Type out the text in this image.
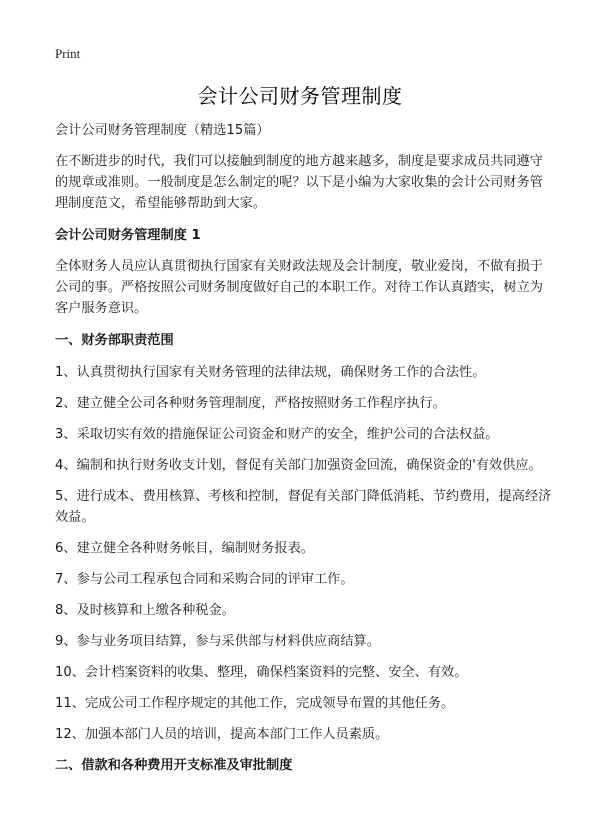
Print
会计公司财务管理制度

会计公司财务管理制度（精选15篇）

在不断进步的时代，我们可以接触到制度的地方越来越多，制度是要求成员共同遵守的规章或准则。一般制度是怎么制定的呢？以下是小编为大家收集的会计公司财务管理制度范文，希望能够帮助到大家。

会计公司财务管理制度 1

全体财务人员应认真贯彻执行国家有关财政法规及会计制度，敬业爱岗，不做有损于公司的事。严格按照公司财务制度做好自己的本职工作。对待工作认真踏实，树立为客户服务意识。

一、财务部职责范围

1、认真贯彻执行国家有关财务管理的法律法规，确保财务工作的合法性。

2、建立健全公司各种财务管理制度，严格按照财务工作程序执行。

3、采取切实有效的措施保证公司资金和财产的安全，维护公司的合法权益。

4、编制和执行财务收支计划，督促有关部门加强资金回流，确保资金的'有效供应。

5、进行成本、费用核算、考核和控制，督促有关部门降低消耗、节约费用，提高经济效益。

6、建立健全各种财务帐目，编制财务报表。

7、参与公司工程承包合同和采购合同的评审工作。

8、及时核算和上缴各种税金。

9、参与业务项目结算，参与采供部与材料供应商结算。

10、会计档案资料的收集、整理，确保档案资料的完整、安全、有效。

11、完成公司工作程序规定的其他工作，完成领导布置的其他任务。

12、加强本部门人员的培训，提高本部门工作人员素质。

二、借款和各种费用开支标准及审批制度
